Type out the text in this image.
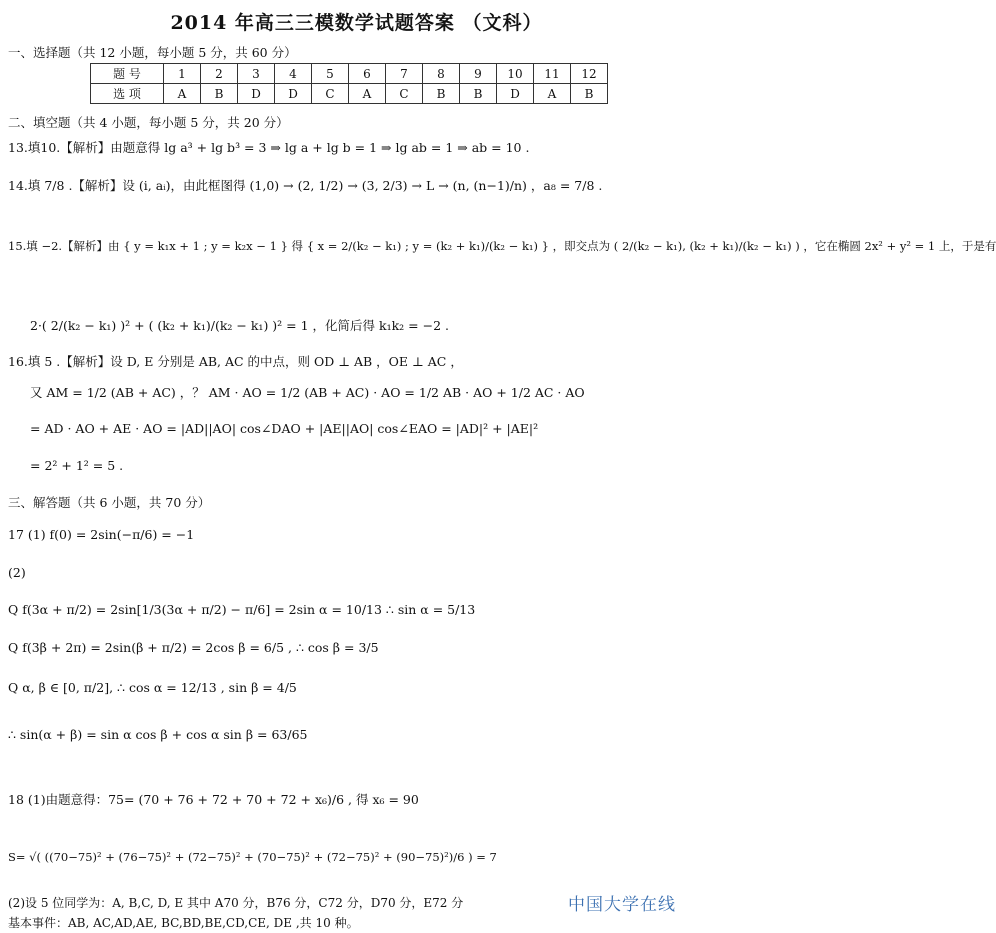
2014 年高三三模数学试题答案 （文科）
一、选择题（共 12 小题，每小题 5 分，共 60 分）
题 号	1	2	3	4	5	6	7	8	9	10	11	12
选 项	A	B	D	D	C	A	C	B	B	D	A	B
二、填空题（共 4 小题，每小题 5 分，共 20 分）
13.填10.【解析】由题意得 lg a³ + lg b³ = 3 ⇒ lg a + lg b = 1 ⇒ lg ab = 1 ⇒ ab = 10 .
14.填 7/8 .【解析】设 (i, aᵢ)，由此框图得 (1,0) → (2, 1/2) → (3, 2/3) → L → (n, (n−1)/n) ，a₈ = 7/8 .
15.填 −2.【解析】由 { y = k₁x + 1 ; y = k₂x − 1 } 得 { x = 2/(k₂ − k₁) ; y = (k₂ + k₁)/(k₂ − k₁) } ，即交点为 ( 2/(k₂ − k₁), (k₂ + k₁)/(k₂ − k₁) ) ，它在椭圆 2x² + y² = 1 上，于是有
2·( 2/(k₂ − k₁) )² + ( (k₂ + k₁)/(k₂ − k₁) )² = 1 ，化简后得 k₁k₂ = −2 .
16.填 5 .【解析】设 D, E 分别是 AB, AC 的中点，则 OD ⊥ AB ，OE ⊥ AC ，
又 AM = 1/2 (AB + AC) ，？ AM · AO = 1/2 (AB + AC) · AO = 1/2 AB · AO + 1/2 AC · AO
= AD · AO + AE · AO = |AD||AO| cos∠DAO + |AE||AO| cos∠EAO = |AD|² + |AE|²
= 2² + 1² = 5 .
三、解答题（共 6 小题，共 70 分）
17 (1) f(0) = 2sin(−π/6) = −1
(2)
Q f(3α + π/2) = 2sin[1/3(3α + π/2) − π/6] = 2sin α = 10/13 ∴ sin α = 5/13
Q f(3β + 2π) = 2sin(β + π/2) = 2cos β = 6/5 , ∴ cos β = 3/5
Q α, β ∈ [0, π/2], ∴ cos α = 12/13 , sin β = 4/5
∴ sin(α + β) = sin α cos β + cos α sin β = 63/65
18 (1)由题意得：75= (70 + 76 + 72 + 70 + 72 + x₆)/6 , 得 x₆ = 90
S= √( ((70−75)² + (76−75)² + (72−75)² + (70−75)² + (72−75)² + (90−75)²)/6 ) = 7
(2)设 5 位同学为：A, B,C, D, E 其中 A70 分，B76 分，C72 分，D70 分，E72 分
基本事件：AB, AC,AD,AE, BC,BD,BE,CD,CE, DE ,共 10 种。
中国大学在线
